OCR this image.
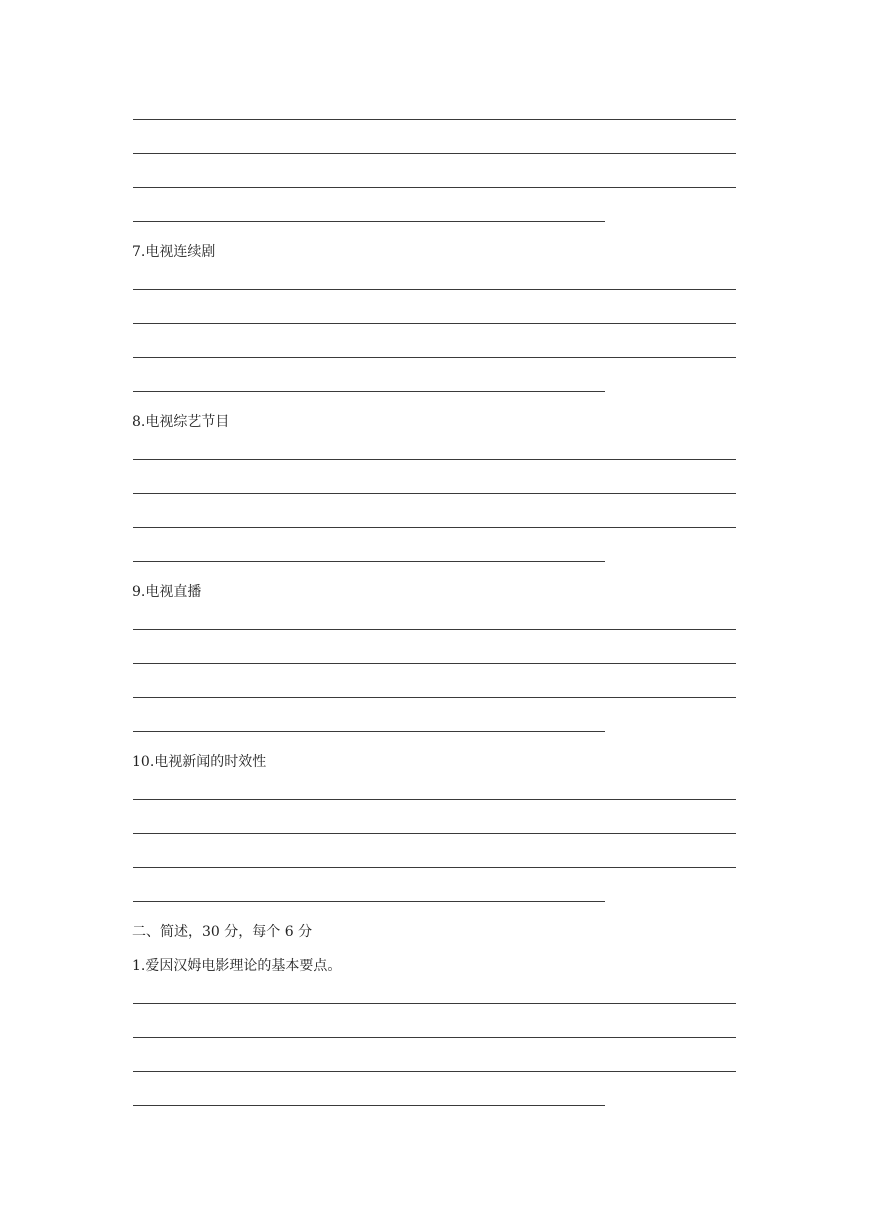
7.电视连续剧
8.电视综艺节目
9.电视直播
10.电视新闻的时效性
二、简述，30 分，每个 6 分
1.爱因汉姆电影理论的基本要点。
